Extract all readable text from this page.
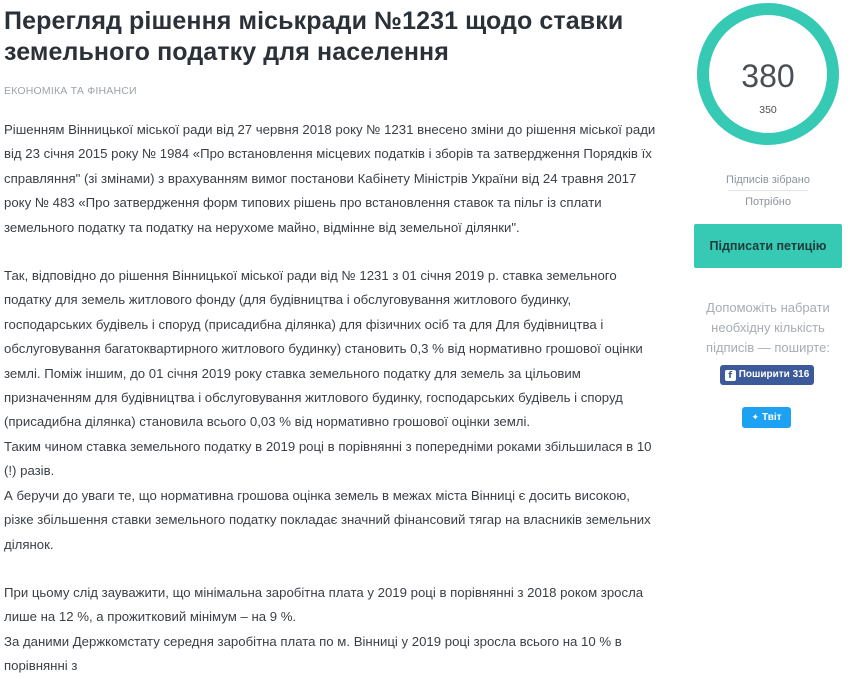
Перегляд рішення міськради №1231 щодо ставки земельного податку для населення
ЕКОНОМІКА ТА ФІНАНСИ

Рішенням Вінницької міської ради від 27 червня 2018 року № 1231 внесено зміни до рішення міської ради від 23 січня 2015 року № 1984 «Про встановлення місцевих податків і зборів та затвердження Порядків їх справляння" (зі змінами) з врахуванням вимог постанови Кабінету Міністрів України від 24 травня 2017 року № 483 «Про затвердження форм типових рішень про встановлення ставок та пільг із сплати земельного податку та податку на нерухоме майно, відмінне від земельної ділянки".

Так, відповідно до рішення Вінницької міської ради від № 1231 з 01 січня 2019 р. ставка земельного податку для земель житлового фонду (для будівництва і обслуговування житлового будинку, господарських будівель і споруд (присадибна ділянка) для фізичних осіб та для Для будівництва і обслуговування багатоквартирного житлового будинку) становить 0,3 % від нормативно грошової оцінки землі. Поміж іншим, до 01 січня 2019 року ставка земельного податку для земель за цільовим призначенням для будівництва і обслуговування житлового будинку, господарських будівель і споруд (присадибна ділянка) становила всього 0,03 % від нормативно грошової оцінки землі.

Таким чином ставка земельного податку в 2019 році в порівнянні з попередніми роками збільшилася в 10 (!) разів.

А беручи до уваги те, що нормативна грошова оцінка земель в межах міста Вінниці є досить високою, різке збільшення ставки земельного податку покладає значний фінансовий тягар на власників земельних ділянок.

При цьому слід зауважити, що мінімальна заробітна плата у 2019 році в порівнянні з 2018 роком зросла лише на 12 %, а прожитковий мінімум – на 9 %.

За даними Держкомстату середня заробітна плата по м. Вінниці у 2019 році зросла всього на 10 % в порівнянні з

380
350
Підписів зібрано
Потрібно
Підписати петицію
Допоможіть набрати необхідну кількість підписів — поширте:
f Поширити 316
✦ Твіт
